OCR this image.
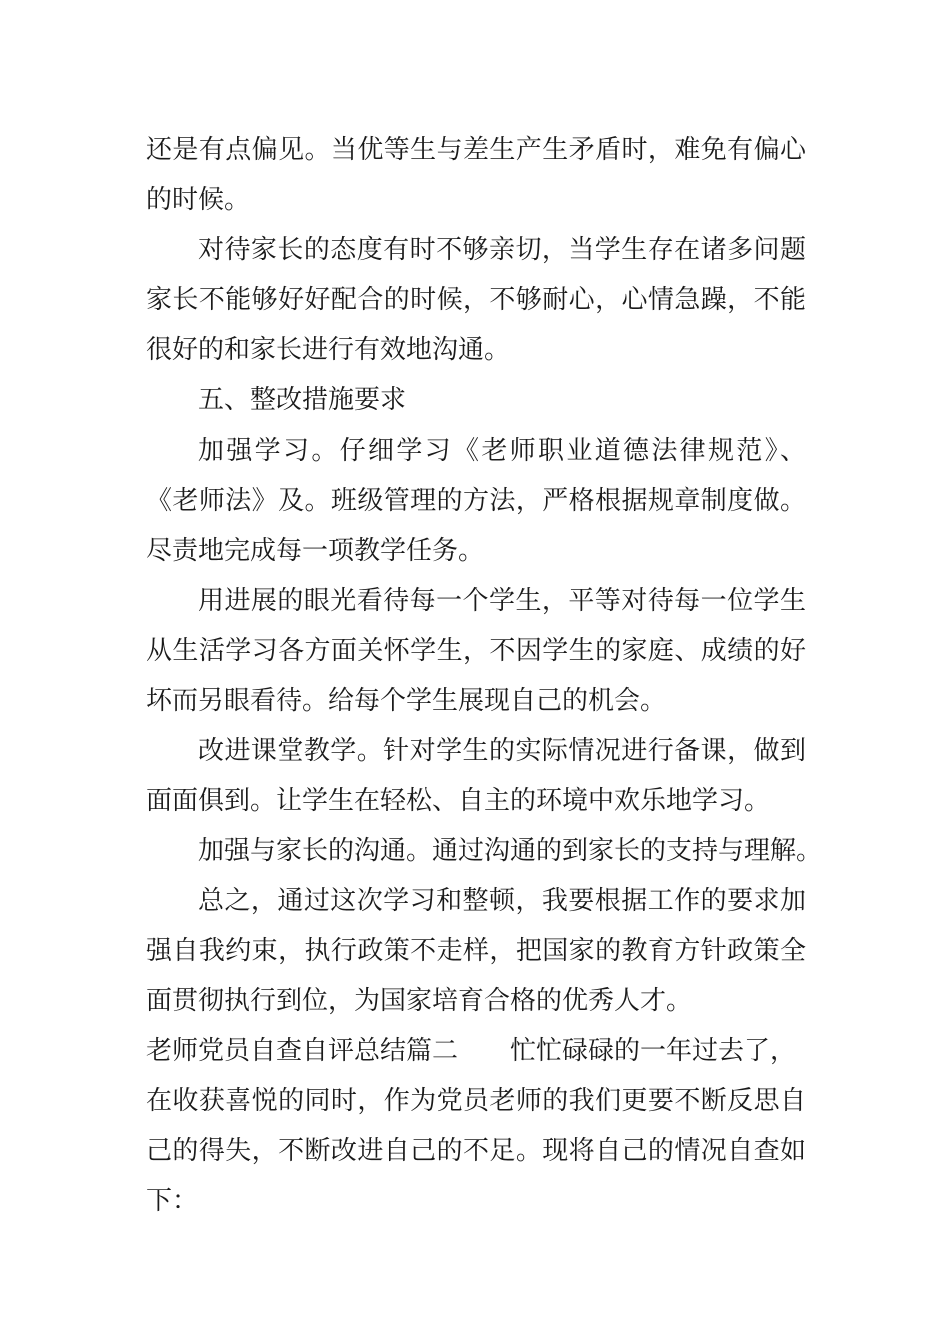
还是有点偏见。当优等生与差生产生矛盾时，难免有偏心
的时候。
对待家长的态度有时不够亲切，当学生存在诸多问题
家长不能够好好配合的时候，不够耐心，心情急躁，不能
很好的和家长进行有效地沟通。
五、整改措施要求
加强学习。仔细学习《老师职业道德法律规范》、
《老师法》及。班级管理的方法，严格根据规章制度做。
尽责地完成每一项教学任务。
用进展的眼光看待每一个学生，平等对待每一位学生
从生活学习各方面关怀学生，不因学生的家庭、成绩的好
坏而另眼看待。给每个学生展现自己的机会。
改进课堂教学。针对学生的实际情况进行备课，做到
面面俱到。让学生在轻松、自主的环境中欢乐地学习。
加强与家长的沟通。通过沟通的到家长的支持与理解。
总之，通过这次学习和整顿，我要根据工作的要求加
强自我约束，执行政策不走样，把国家的教育方针政策全
面贯彻执行到位，为国家培育合格的优秀人才。
老师党员自查自评总结篇二 忙忙碌碌的一年过去了，
在收获喜悦的同时，作为党员老师的我们更要不断反思自
己的得失，不断改进自己的不足。现将自己的情况自查如
下：
